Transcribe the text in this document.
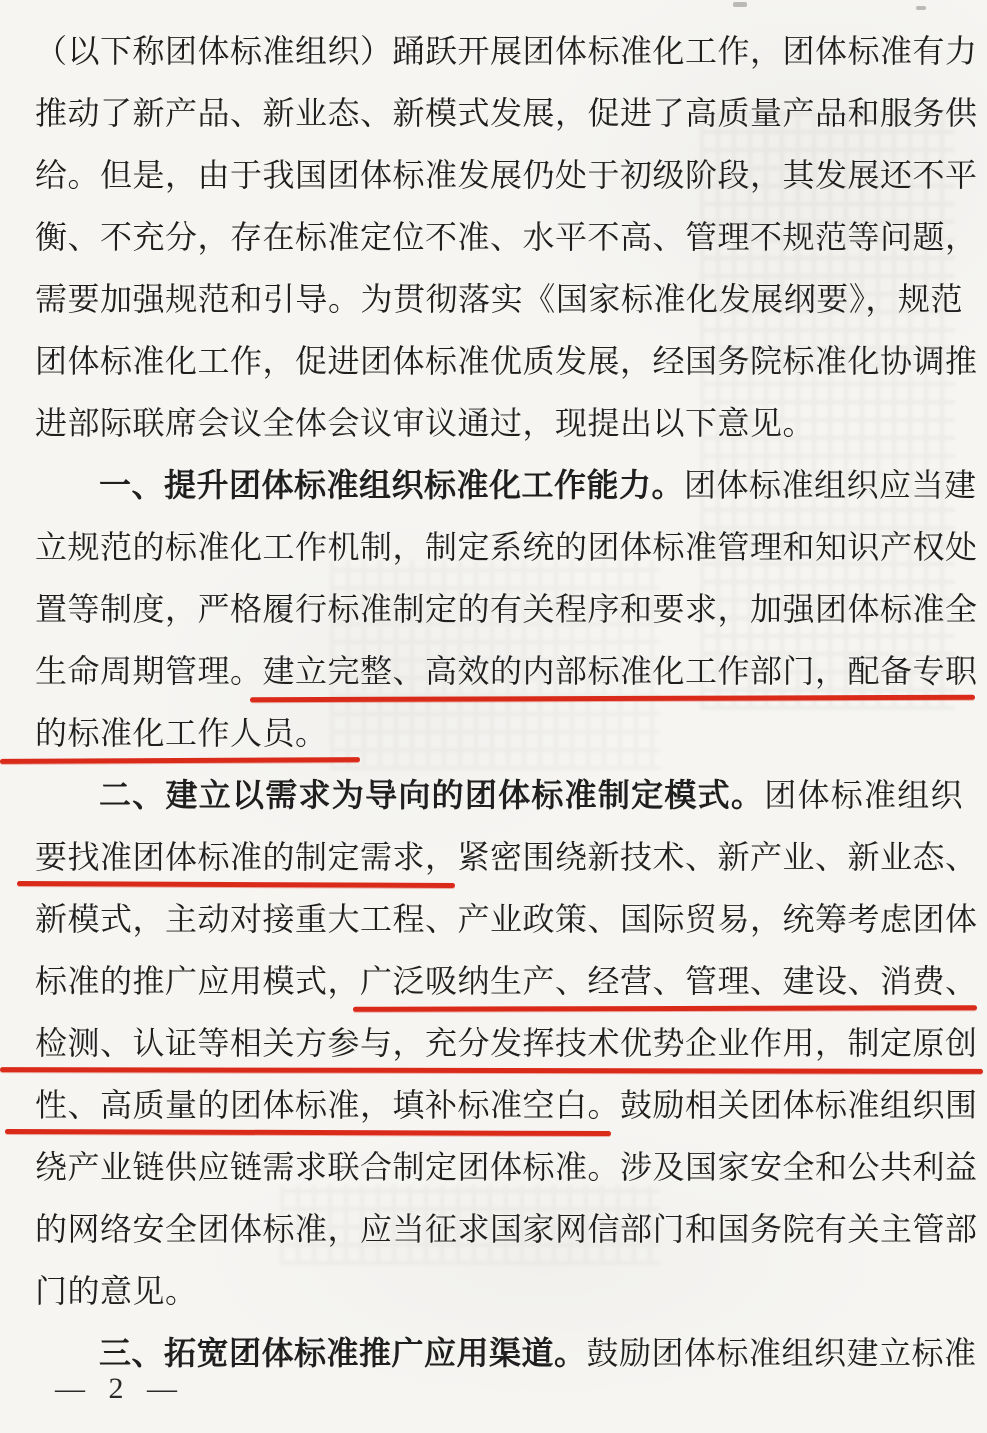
（以下称团体标准组织）踊跃开展团体标准化工作，团体标准有力
推动了新产品、新业态、新模式发展，促进了高质量产品和服务供
给。但是，由于我国团体标准发展仍处于初级阶段，其发展还不平
衡、不充分，存在标准定位不准、水平不高、管理不规范等问题，
需要加强规范和引导。为贯彻落实《国家标准化发展纲要》，规范
团体标准化工作，促进团体标准优质发展，经国务院标准化协调推
进部际联席会议全体会议审议通过，现提出以下意见。
一、提升团体标准组织标准化工作能力。团体标准组织应当建
立规范的标准化工作机制，制定系统的团体标准管理和知识产权处
置等制度，严格履行标准制定的有关程序和要求，加强团体标准全
生命周期管理。建立完整、高效的内部标准化工作部门，配备专职
的标准化工作人员。
二、建立以需求为导向的团体标准制定模式。团体标准组织
要找准团体标准的制定需求，紧密围绕新技术、新产业、新业态、
新模式，主动对接重大工程、产业政策、国际贸易，统筹考虑团体
标准的推广应用模式，广泛吸纳生产、经营、管理、建设、消费、
检测、认证等相关方参与，充分发挥技术优势企业作用，制定原创
性、高质量的团体标准，填补标准空白。鼓励相关团体标准组织围
绕产业链供应链需求联合制定团体标准。涉及国家安全和公共利益
的网络安全团体标准，应当征求国家网信部门和国务院有关主管部
门的意见。
三、拓宽团体标准推广应用渠道。鼓励团体标准组织建立标准
— 2 —
